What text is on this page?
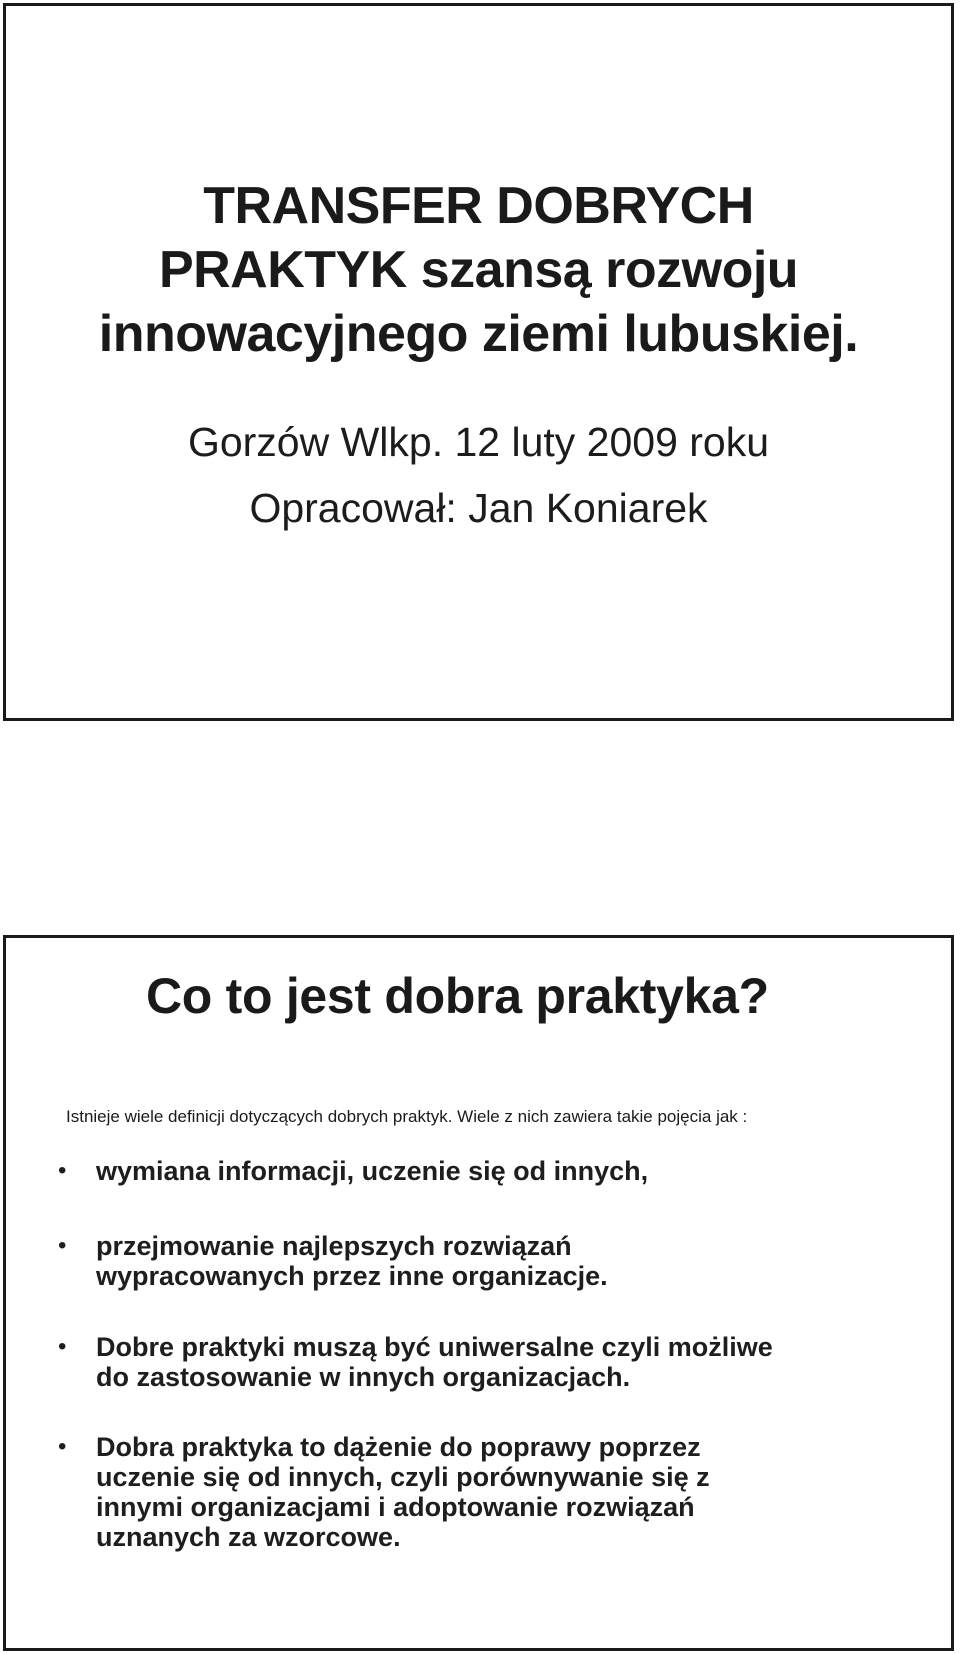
TRANSFER DOBRYCH
PRAKTYK szansą rozwoju
innowacyjnego ziemi lubuskiej.
Gorzów Wlkp. 12 luty 2009 roku
Opracował: Jan Koniarek
Co to jest dobra praktyka?
Istnieje wiele definicji dotyczących dobrych praktyk. Wiele z nich zawiera takie pojęcia jak :
• wymiana informacji, uczenie się od innych,
• przejmowanie najlepszych rozwiązań
wypracowanych przez inne organizacje.
• Dobre praktyki muszą być uniwersalne czyli możliwe
do zastosowanie w innych organizacjach.
• Dobra praktyka to dążenie do poprawy poprzez
uczenie się od innych, czyli porównywanie się z
innymi organizacjami i adoptowanie rozwiązań
uznanych za wzorcowe.
